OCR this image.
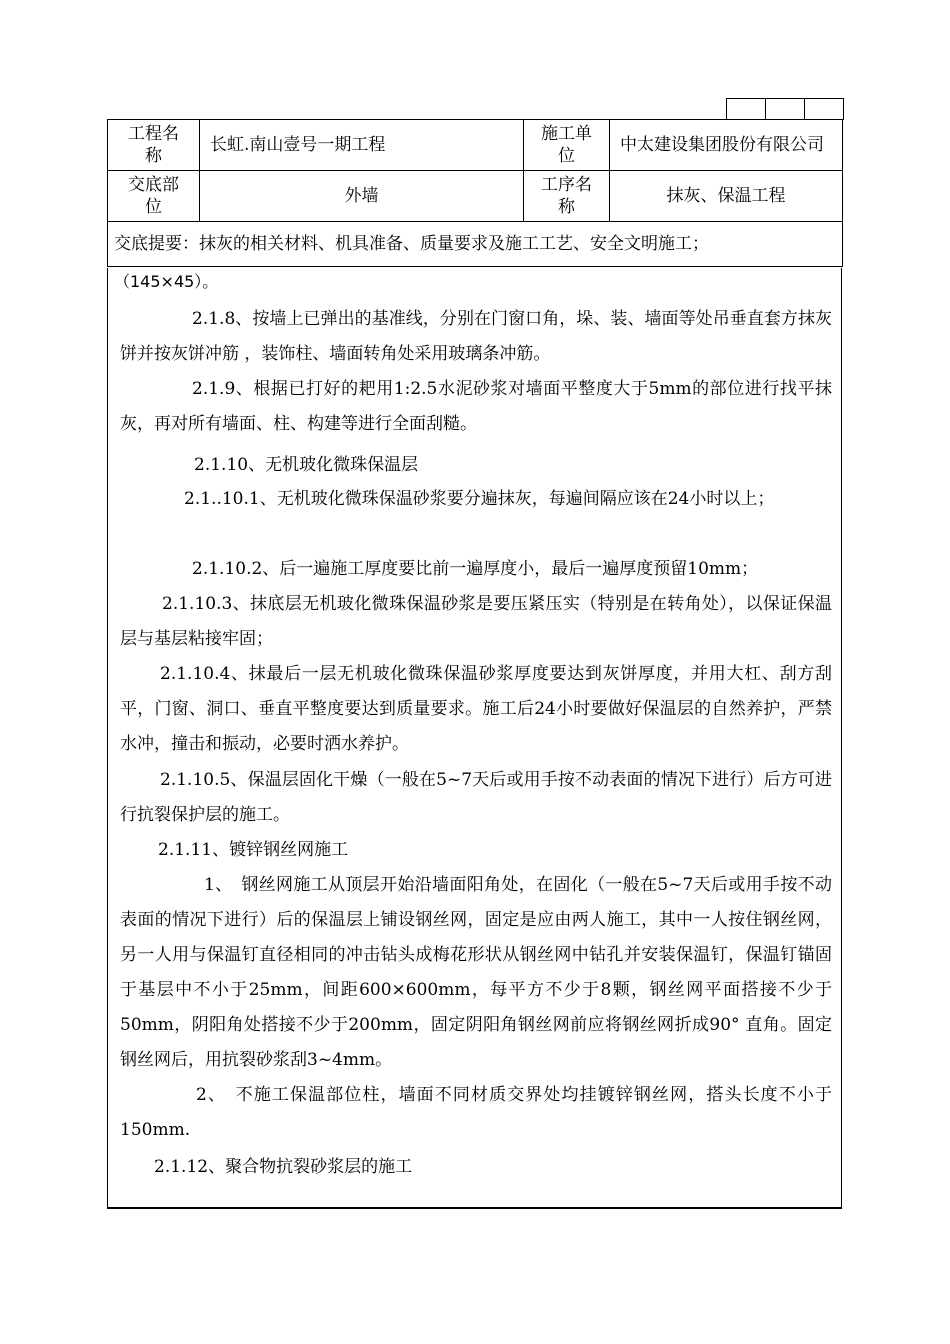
工程名称	长虹.南山壹号一期工程	施工单位	中太建设集团股份有限公司
交底部位	外墙	工序名称	抹灰、保温工程
交底提要：抹灰的相关材料、机具准备、质量要求及施工工艺、安全文明施工；			
（145×45）。

2.1.8、按墙上已弹出的基准线，分别在门窗口角，垛、装、墙面等处吊垂直套方抹灰饼并按灰饼冲筋 ，装饰柱、墙面转角处采用玻璃条冲筋。

2.1.9、根据已打好的耙用1:2.5水泥砂浆对墙面平整度大于5mm的部位进行找平抹灰，再对所有墙面、柱、构建等进行全面刮糙。

2.1.10、无机玻化微珠保温层

2.1..10.1、无机玻化微珠保温砂浆要分遍抹灰，每遍间隔应该在24小时以上；

2.1.10.2、后一遍施工厚度要比前一遍厚度小，最后一遍厚度预留10mm；

2.1.10.3、抹底层无机玻化微珠保温砂浆是要压紧压实（特别是在转角处），以保证保温层与基层粘接牢固；

2.1.10.4、抹最后一层无机玻化微珠保温砂浆厚度要达到灰饼厚度，并用大杠、刮方刮平，门窗、洞口、垂直平整度要达到质量要求。施工后24小时要做好保温层的自然养护，严禁水冲，撞击和振动，必要时洒水养护。

2.1.10.5、保温层固化干燥（一般在5~7天后或用手按不动表面的情况下进行）后方可进行抗裂保护层的施工。

2.1.11、镀锌钢丝网施工

1、　钢丝网施工从顶层开始沿墙面阳角处，在固化（一般在5~7天后或用手按不动表面的情况下进行）后的保温层上铺设钢丝网，固定是应由两人施工，其中一人按住钢丝网，另一人用与保温钉直径相同的冲击钻头成梅花形状从钢丝网中钻孔并安装保温钉，保温钉锚固于基层中不小于25mm，间距600×600mm，每平方不少于8颗，钢丝网平面搭接不少于50mm，阴阳角处搭接不少于200mm，固定阴阳角钢丝网前应将钢丝网折成90° 直角。固定钢丝网后，用抗裂砂浆刮3~4mm。

2、　不施工保温部位柱，墙面不同材质交界处均挂镀锌钢丝网，搭头长度不小于150mm.

2.1.12、聚合物抗裂砂浆层的施工
